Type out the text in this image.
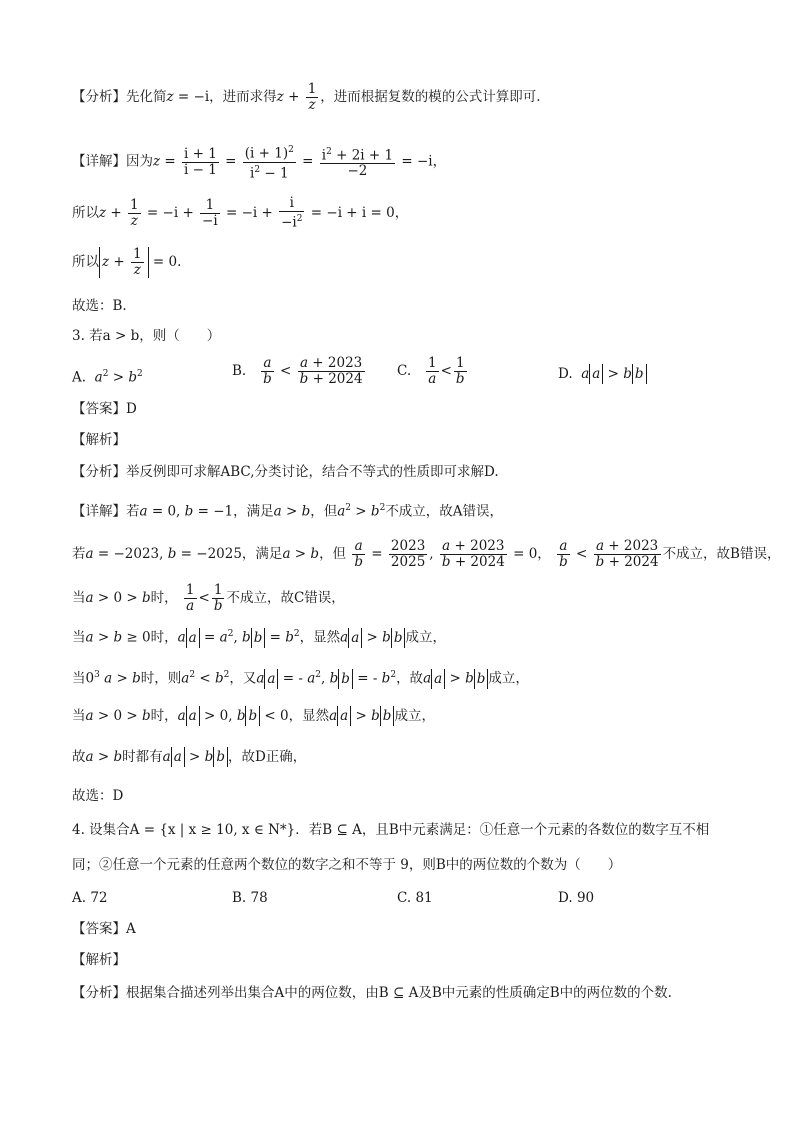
【分析】先化简z = −i，进而求得$z + \frac{1}{z}$ ，进而根据复数的模的公式计算即可.
【详解】因为$z = \frac{i + 1}{i - 1} = \frac{(i + 1)^2}{i^2 - 1} = \frac{i^2 + 2i + 1}{-2} = -i$，
所以$z + \frac{1}{z} = -i + \frac{1}{-i} = -i + \frac{i}{-i^2} = -i + i = 0$，
所以 $z + \frac{1}{z} = 0$.
故选：B.
3. 若a > b，则（　　）
A. $a^2 > b^2$	B. $\frac{a}{b} < \frac{a + 2023}{b + 2024} C$. $\frac{1}{a} < \frac{1}{b}$	D. a a > b b
【答案】D
【解析】
【分析】举反例即可求解ABC,分类讨论，结合不等式的性质即可求解D.
【详解】若a = 0, b = −1，满足a > b，但$a^2 > b^2$不成立，故A错误，
若a = −2023, b = −2025，满足a > b，但 $\frac{a}{b} = \frac{2023}{2025}$ , $\frac{a + 2023}{b + 2024} = 0$， $\frac{a}{b} < \frac{a + 2023}{b + 2024}$ 不成立，故B错误，
当a > 0 > b时， $\frac{1}{a} < \frac{1}{b}$ 不成立，故C错误，
当a > b ≥ 0时，a $a = a^2$, b $b = b^2$，显然a a > b b 成立，
当$0^3$ a > b时，则$a^2 < b^2$，又a a = - $a^2$, b b = - $b^2$，故a a > b b 成立，
当a > 0 > b时，a a > 0, b b < 0，显然a a > b b 成立，
故a > b时都有a a > b b ，故D正确，
故选：D
4. 设集合A = {x | x ≥ 10, x ∈ N*}．若B ⊆ A，且B中元素满足：①任意一个元素的各数位的数字互不相
同；②任意一个元素的任意两个数位的数字之和不等于 9，则B中的两位数的个数为（　　）
A. 72	B. 78	C. 81	D. 90
【答案】A
【解析】
【分析】根据集合描述列举出集合A中的两位数，由B ⊆ A及B中元素的性质确定B中的两位数的个数.
